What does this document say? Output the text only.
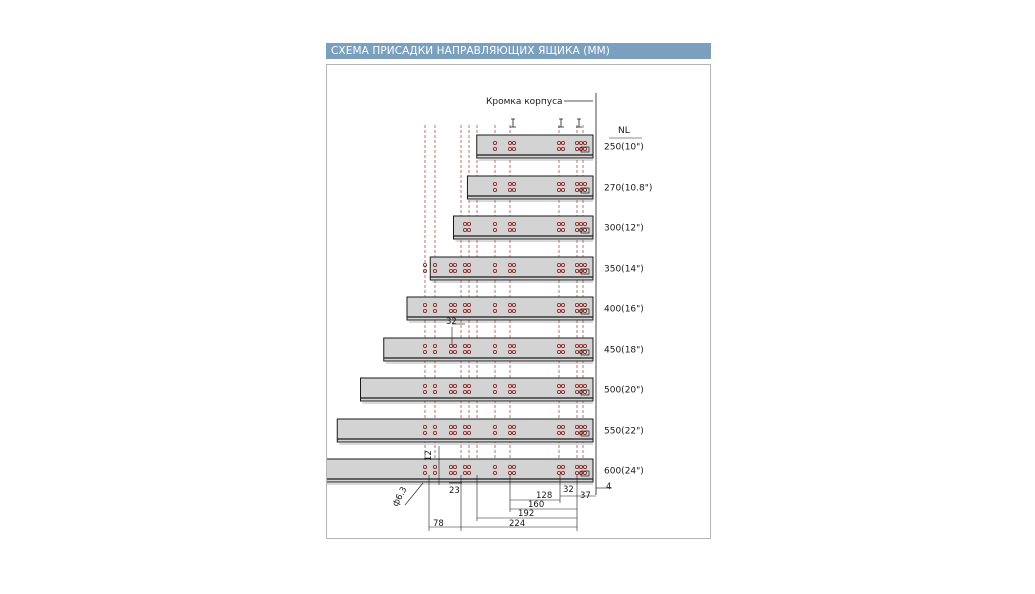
СХЕМА ПРИСАДКИ НАПРАВЛЯЮЩИХ ЯЩИКА (ММ)
250(10")
270(10.8")
300(12")
350(14")
400(16")
450(18")
500(20")
550(22")
600(24")
Кромка корпуса
NL
4
37
32
128
160
192
224
78
23
32
12
ф6.3
